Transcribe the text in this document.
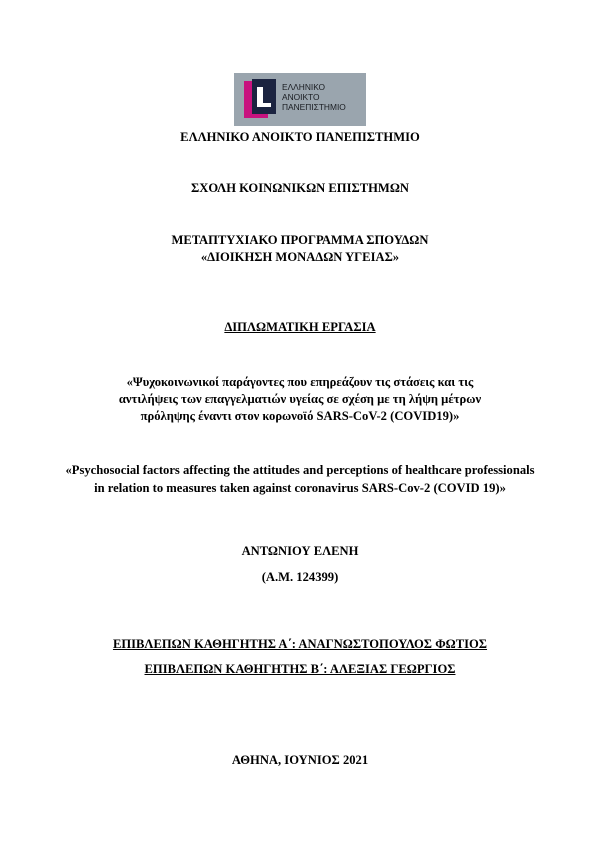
ΕΛΛΗΝΙΚΟ
ΑΝΟΙΚΤΟ
ΠΑΝΕΠΙΣΤΗΜΙΟ
ΕΛΛΗΝΙΚΟ ΑΝΟΙΚΤΟ ΠΑΝΕΠΙΣΤΗΜΙΟ
ΣΧΟΛΗ ΚΟΙΝΩΝΙΚΩΝ ΕΠΙΣΤΗΜΩΝ
ΜΕΤΑΠΤΥΧΙΑΚΟ ΠΡΟΓΡΑΜΜΑ ΣΠΟΥΔΩΝ
«ΔΙΟΙΚΗΣΗ ΜΟΝΑΔΩΝ ΥΓΕΙΑΣ»
ΔΙΠΛΩΜΑΤΙΚΗ ΕΡΓΑΣΙΑ
«Ψυχοκοινωνικοί παράγοντες που επηρεάζουν τις στάσεις και τις αντιλήψεις των επαγγελματιών υγείας σε σχέση με τη λήψη μέτρων πρόληψης έναντι στον κορωνοϊό SARS-CoV-2 (COVID19)»
«Psychosocial factors affecting the attitudes and perceptions of healthcare professionals in relation to measures taken against coronavirus SARS-Cov-2 (COVID 19)»
ΑΝΤΩΝΙΟΥ ΕΛΕΝΗ
(Α.Μ. 124399)
ΕΠΙΒΛΕΠΩΝ ΚΑΘΗΓΗΤΗΣ Α΄: ΑΝΑΓΝΩΣΤΟΠΟΥΛΟΣ ΦΩΤΙΟΣ
ΕΠΙΒΛΕΠΩΝ ΚΑΘΗΓΗΤΗΣ Β΄: ΑΛΕΞΙΑΣ ΓΕΩΡΓΙΟΣ
ΑΘΗΝΑ, ΙΟΥΝΙΟΣ 2021
